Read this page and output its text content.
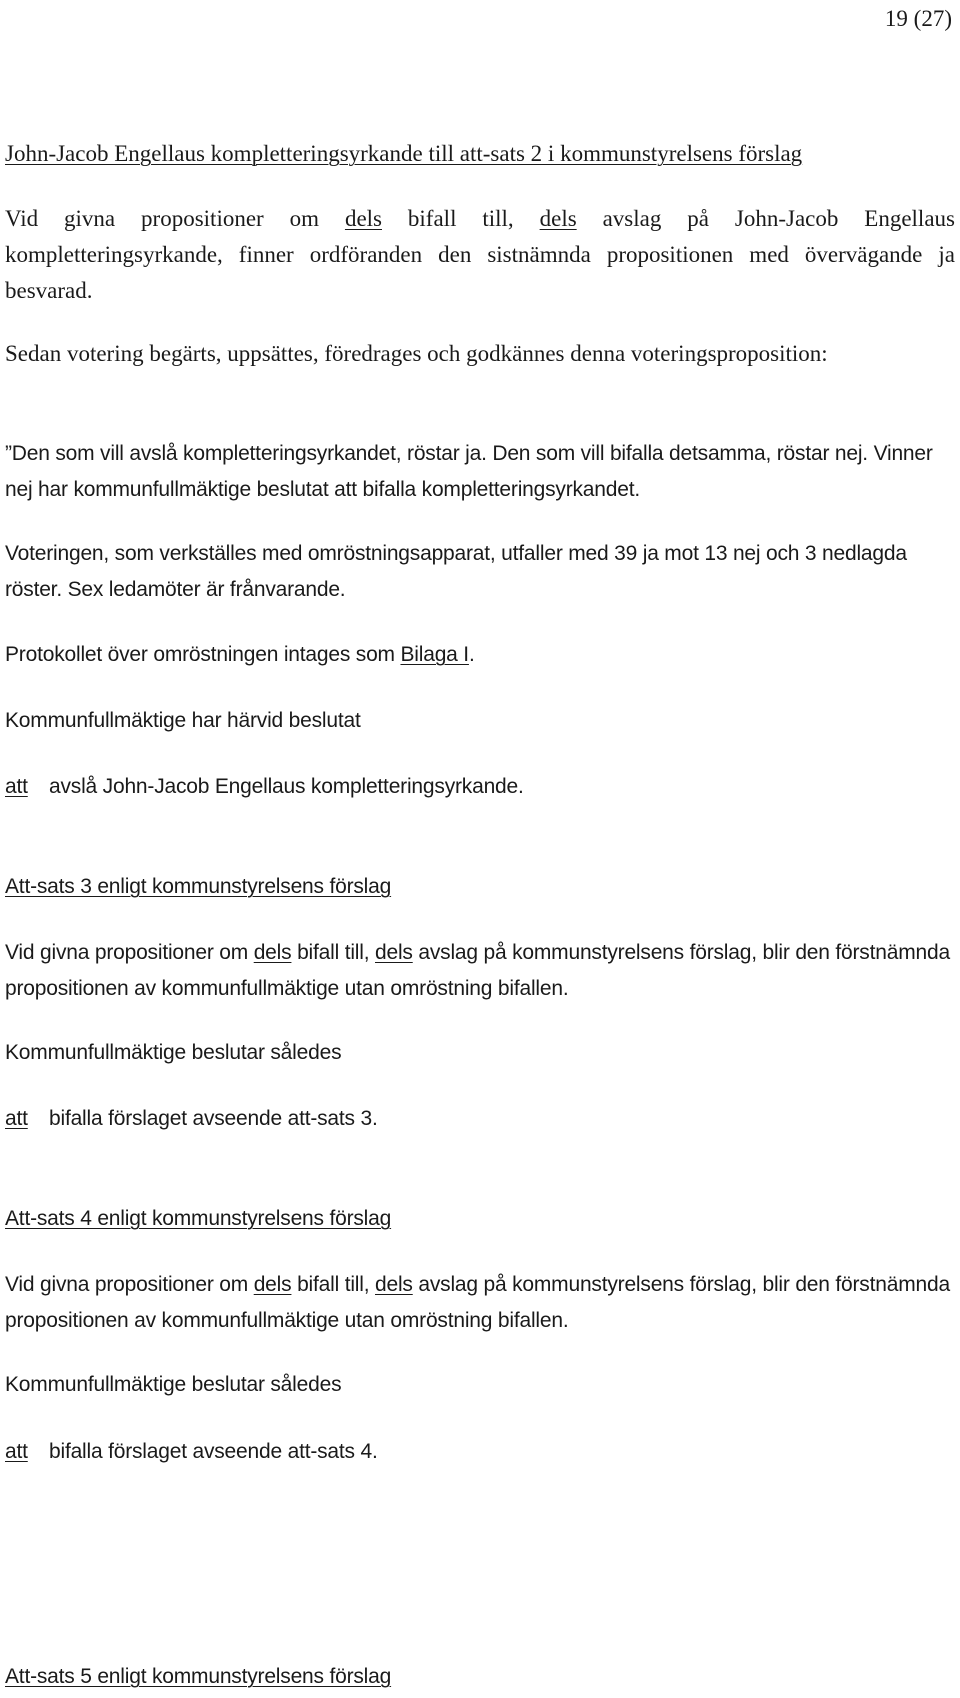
19 (27)

John-Jacob Engellaus kompletteringsyrkande till att-sats 2 i kommunstyrelsens förslag

Vid givna propositioner om dels bifall till, dels avslag på John-Jacob Engellaus kompletteringsyrkande, finner ordföranden den sistnämnda propositionen med övervägande ja besvarad.

Sedan votering begärts, uppsättes, föredrages och godkännes denna voteringsproposition:

”Den som vill avslå kompletteringsyrkandet, röstar ja. Den som vill bifalla detsamma, röstar nej. Vinner nej har kommunfullmäktige beslutat att bifalla kompletteringsyrkandet.

Voteringen, som verkställes med omröstningsapparat, utfaller med 39 ja mot 13 nej och 3 nedlagda röster. Sex ledamöter är frånvarande.

Protokollet över omröstningen intages som Bilaga I.

Kommunfullmäktige har härvid beslutat

att	avslå John-Jacob Engellaus kompletteringsyrkande.

Att-sats 3 enligt kommunstyrelsens förslag

Vid givna propositioner om dels bifall till, dels avslag på kommunstyrelsens förslag, blir den förstnämnda propositionen av kommunfullmäktige utan omröstning bifallen.

Kommunfullmäktige beslutar således

att	bifalla förslaget avseende att-sats 3.

Att-sats 4 enligt kommunstyrelsens förslag

Vid givna propositioner om dels bifall till, dels avslag på kommunstyrelsens förslag, blir den förstnämnda propositionen av kommunfullmäktige utan omröstning bifallen.

Kommunfullmäktige beslutar således

att	bifalla förslaget avseende att-sats 4.

Att-sats 5 enligt kommunstyrelsens förslag
